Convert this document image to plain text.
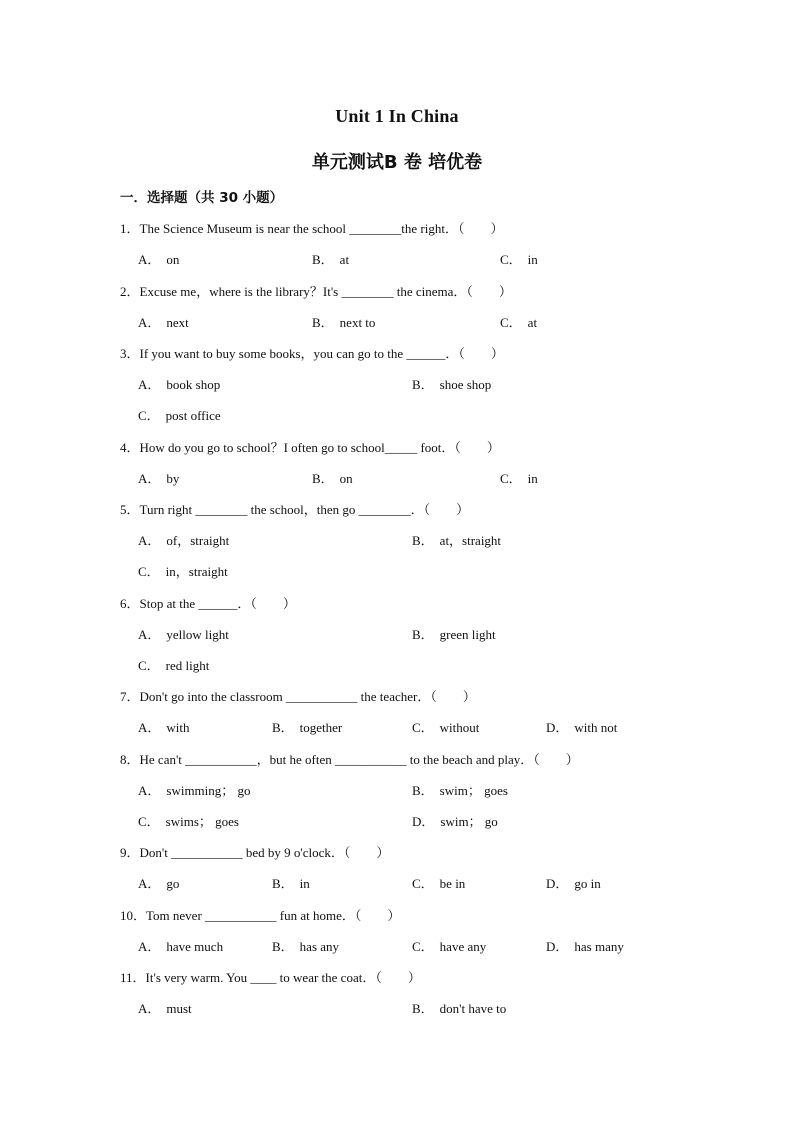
Unit 1 In China
单元测试B 卷 培优卷
一．选择题（共 30 小题）
1．The Science Museum is near the school ________the right．（　　）
A． on	B． at	C． in
2．Excuse me，where is the library？It's ________ the cinema．（　　）
A． next	B． next to	C． at
3．If you want to buy some books，you can go to the ______．（　　）
A． book shop	B． shoe shop
C． post office
4．How do you go to school？I often go to school_____ foot．（　　）
A． by	B． on	C． in
5．Turn right ________ the school，then go ________．（　　）
A． of，straight	B． at，straight
C． in，straight
6．Stop at the ______．（　　）
A． yellow light	B． green light
C． red light
7．Don't go into the classroom ___________ the teacher．（　　）
A． with	B． together	C． without	D． with not
8．He can't ___________，but he often ___________ to the beach and play．（　　）
A． swimming； go	B． swim； goes
C． swims； goes	D． swim； go
9．Don't ___________ bed by 9 o'clock．（　　）
A． go	B． in	C． be in	D． go in
10．Tom never ___________ fun at home．（　　）
A． have much	B． has any	C． have any	D． has many
11．It's very warm. You ____ to wear the coat．（　　）
A． must	B． don't have to
